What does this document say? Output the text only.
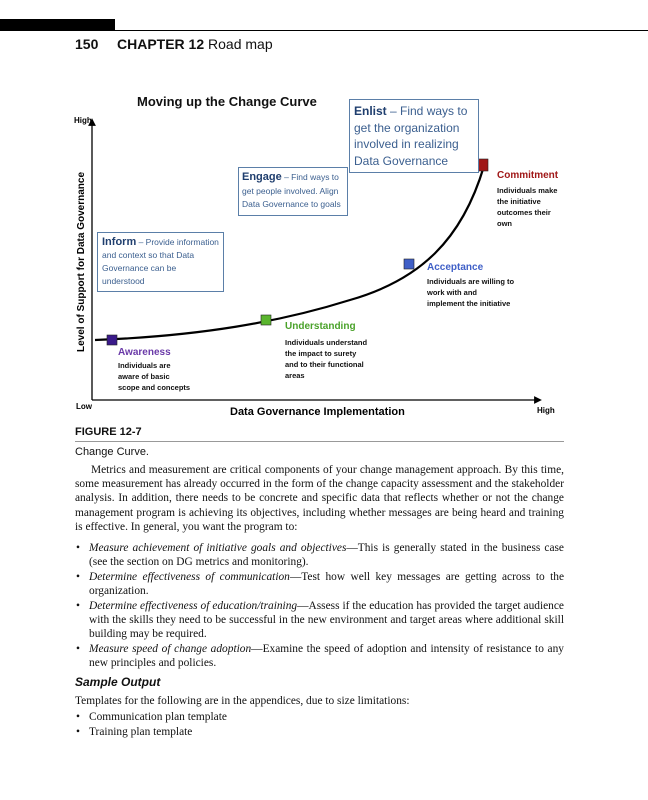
150 CHAPTER 12 Road map
Moving up the Change Curve
High
Low	High
Data Governance Implementation
Level of Support for Data Governance
Awareness
Individuals are
aware of basic
scope and concepts
Understanding
Individuals understand
the impact to surety
and to their functional
areas
Acceptance
Individuals are willing to
work with and
implement the initiative
Commitment
Individuals make
the initiative
outcomes their
own
Inform – Provide information and context so that Data Governance can be understood
Engage – Find ways to get people involved. Align Data Governance to goals
Enlist – Find ways to get the organization involved in realizing Data Governance
FIGURE 12-7
Change Curve.
Metrics and measurement are critical components of your change management approach. By this time, some measurement has already occurred in the form of the change capacity assessment and the stakeholder analysis. In addition, there needs to be concrete and specific data that reflects whether or not the change management program is achieving its objectives, including whether messages are being heard and training is effective. In general, you want the program to:
• Measure achievement of initiative goals and objectives—This is generally stated in the business case (see the section on DG metrics and monitoring).
• Determine effectiveness of communication—Test how well key messages are getting across to the organization.
• Determine effectiveness of education/training—Assess if the education has provided the target audience with the skills they need to be successful in the new environment and target areas where additional skill building may be required.
• Measure speed of change adoption—Examine the speed of adoption and intensity of resistance to any new principles and policies.
Sample Output
Templates for the following are in the appendices, due to size limitations:
• Communication plan template
• Training plan template
